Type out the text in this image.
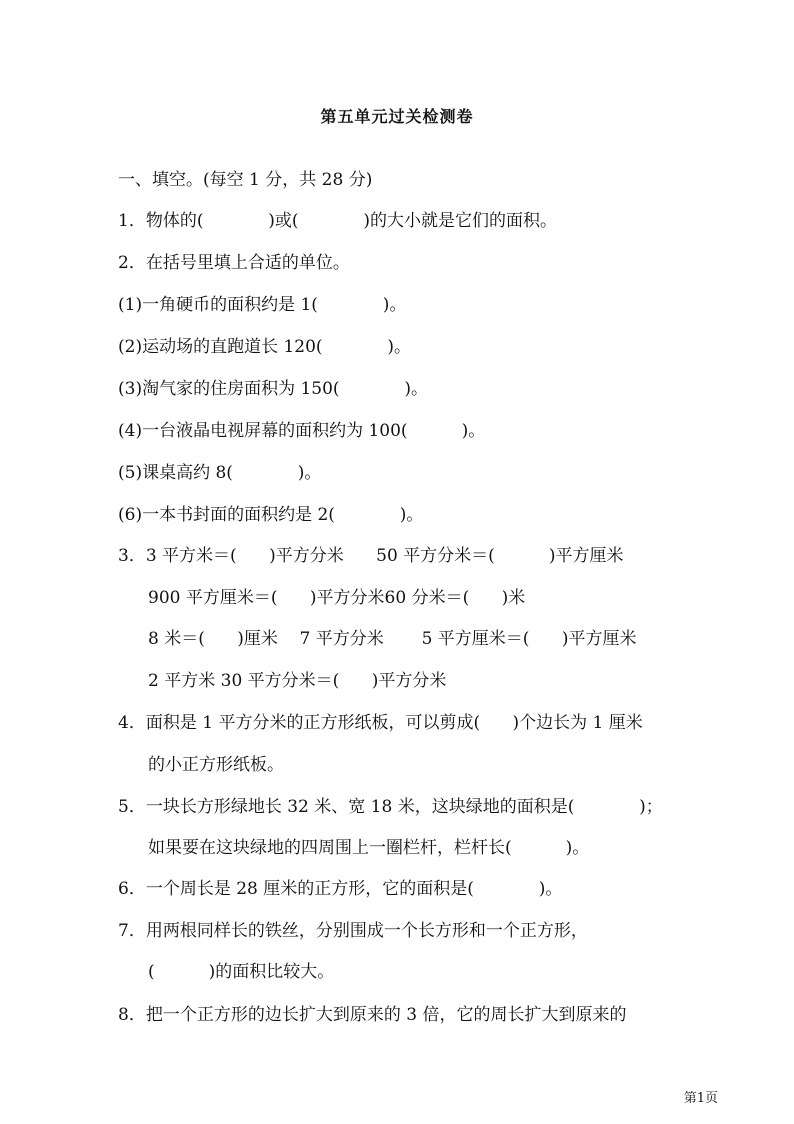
第五单元过关检测卷
一、填空。(每空 1 分，共 28 分)
1．物体的(            )或(            )的大小就是它们的面积。
2．在括号里填上合适的单位。
(1)一角硬币的面积约是 1(            )。
(2)运动场的直跑道长 120(            )。
(3)淘气家的住房面积为 150(            )。
(4)一台液晶电视屏幕的面积约为 100(          )。
(5)课桌高约 8(            )。
(6)一本书封面的面积约是 2(            )。
3．3 平方米＝(      )平方分米      50 平方分米＝(          )平方厘米
900 平方厘米＝(      )平方分米60 分米＝(      )米
8 米＝(      )厘米    7 平方分米       5 平方厘米＝(      )平方厘米
2 平方米 30 平方分米＝(      )平方分米
4．面积是 1 平方分米的正方形纸板，可以剪成(      )个边长为 1 厘米
的小正方形纸板。
5．一块长方形绿地长 32 米、宽 18 米，这块绿地的面积是(            )；
如果要在这块绿地的四周围上一圈栏杆，栏杆长(          )。
6．一个周长是 28 厘米的正方形，它的面积是(            )。
7．用两根同样长的铁丝，分别围成一个长方形和一个正方形，
(          )的面积比较大。
8．把一个正方形的边长扩大到原来的 3 倍，它的周长扩大到原来的
第1页
